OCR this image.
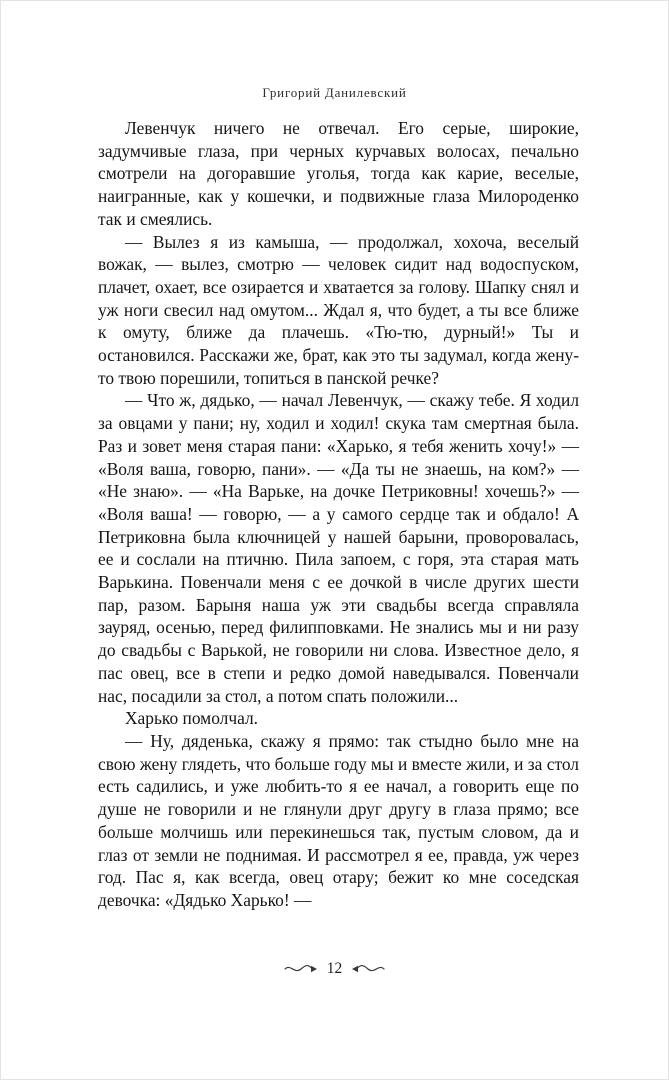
Григорий Данилевский

Левенчук ничего не отвечал. Его серые, широкие, задумчивые глаза, при черных курчавых волосах, печально смотрели на догоравшие уголья, тогда как карие, веселые, наигранные, как у кошечки, и подвижные глаза Милороденко так и смеялись.

— Вылез я из камыша, — продолжал, хохоча, веселый вожак, — вылез, смотрю — человек сидит над водоспуском, плачет, охает, все озирается и хватается за голову. Шапку снял и уж ноги свесил над омутом... Ждал я, что будет, а ты все ближе к омуту, ближе да плачешь. «Тю-тю, дурный!» Ты и остановился. Расскажи же, брат, как это ты задумал, когда жену-то твою порешили, топиться в панской речке?

— Что ж, дядько, — начал Левенчук, — скажу тебе. Я ходил за овцами у пани; ну, ходил и ходил! скука там смертная была. Раз и зовет меня старая пани: «Харько, я тебя женить хочу!» — «Воля ваша, говорю, пани». — «Да ты не знаешь, на ком?» — «Не знаю». — «На Варьке, на дочке Петриковны! хочешь?» — «Воля ваша! — говорю, — а у самого сердце так и обдало! А Петриковна была ключницей у нашей барыни, проворовалась, ее и сослали на птичню. Пила запоем, с горя, эта старая мать Варькина. Повенчали меня с ее дочкой в числе других шести пар, разом. Барыня наша уж эти свадьбы всегда справляла зауряд, осенью, перед филипповками. Не знались мы и ни разу до свадьбы с Варькой, не говорили ни слова. Известное дело, я пас овец, все в степи и редко домой наведывался. Повенчали нас, посадили за стол, а потом спать положили...

Харько помолчал.

— Ну, дяденька, скажу я прямо: так стыдно было мне на свою жену глядеть, что больше году мы и вместе жили, и за стол есть садились, и уже любить-то я ее начал, а говорить еще по душе не говорили и не глянули друг другу в глаза прямо; все больше молчишь или перекинешься так, пустым словом, да и глаз от земли не поднимая. И рассмотрел я ее, правда, уж через год. Пас я, как всегда, овец отару; бежит ко мне соседская девочка: «Дядько Харько! —

12
